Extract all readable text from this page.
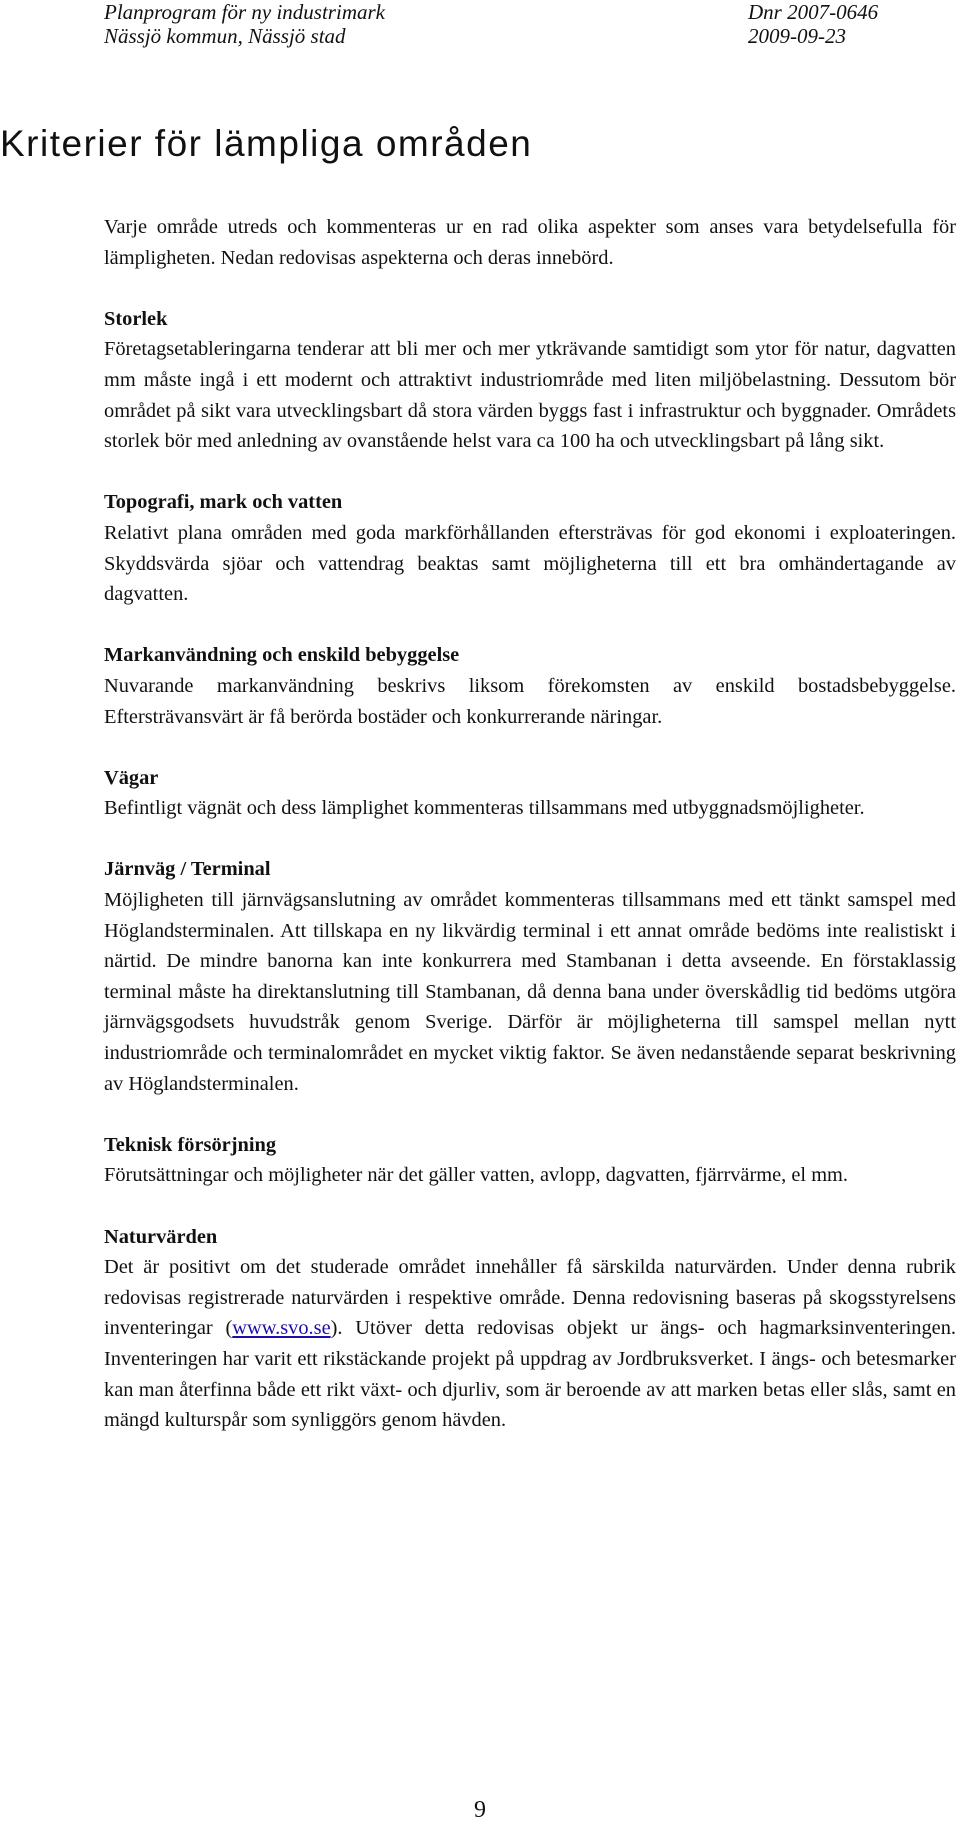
Planprogram för ny industrimark
Nässjö kommun, Nässjö stad
Dnr 2007-0646
2009-09-23
Kriterier för lämpliga områden

Varje område utreds och kommenteras ur en rad olika aspekter som anses vara betydelsefulla för lämpligheten. Nedan redovisas aspekterna och deras innebörd.

Storlek

Företagsetableringarna tenderar att bli mer och mer ytkrävande samtidigt som ytor för natur, dagvatten mm måste ingå i ett modernt och attraktivt industriområde med liten miljöbelastning. Dessutom bör området på sikt vara utvecklingsbart då stora värden byggs fast i infrastruktur och byggnader. Områdets storlek bör med anledning av ovanstående helst vara ca 100 ha och utvecklingsbart på lång sikt.

Topografi, mark och vatten

Relativt plana områden med goda markförhållanden eftersträvas för god ekonomi i exploateringen. Skyddsvärda sjöar och vattendrag beaktas samt möjligheterna till ett bra omhändertagande av dagvatten.

Markanvändning och enskild bebyggelse

Nuvarande markanvändning beskrivs liksom förekomsten av enskild bostadsbebyggelse. Eftersträvansvärt är få berörda bostäder och konkurrerande näringar.

Vägar

Befintligt vägnät och dess lämplighet kommenteras tillsammans med utbyggnadsmöjligheter.

Järnväg / Terminal

Möjligheten till järnvägsanslutning av området kommenteras tillsammans med ett tänkt samspel med Höglandsterminalen. Att tillskapa en ny likvärdig terminal i ett annat område bedöms inte realistiskt i närtid. De mindre banorna kan inte konkurrera med Stambanan i detta avseende. En förstaklassig terminal måste ha direktanslutning till Stambanan, då denna bana under överskådlig tid bedöms utgöra järnvägsgodsets huvudstråk genom Sverige. Därför är möjligheterna till samspel mellan nytt industriområde och terminalområdet en mycket viktig faktor. Se även nedanstående separat beskrivning av Höglandsterminalen.

Teknisk försörjning

Förutsättningar och möjligheter när det gäller vatten, avlopp, dagvatten, fjärrvärme, el mm.

Naturvärden

Det är positivt om det studerade området innehåller få särskilda naturvärden. Under denna rubrik redovisas registrerade naturvärden i respektive område. Denna redovisning baseras på skogsstyrelsens inventeringar (www.svo.se). Utöver detta redovisas objekt ur ängs- och hagmarksinventeringen. Inventeringen har varit ett rikstäckande projekt på uppdrag av Jordbruksverket. I ängs- och betesmarker kan man återfinna både ett rikt växt- och djurliv, som är beroende av att marken betas eller slås, samt en mängd kulturspår som synliggörs genom hävden.

9
